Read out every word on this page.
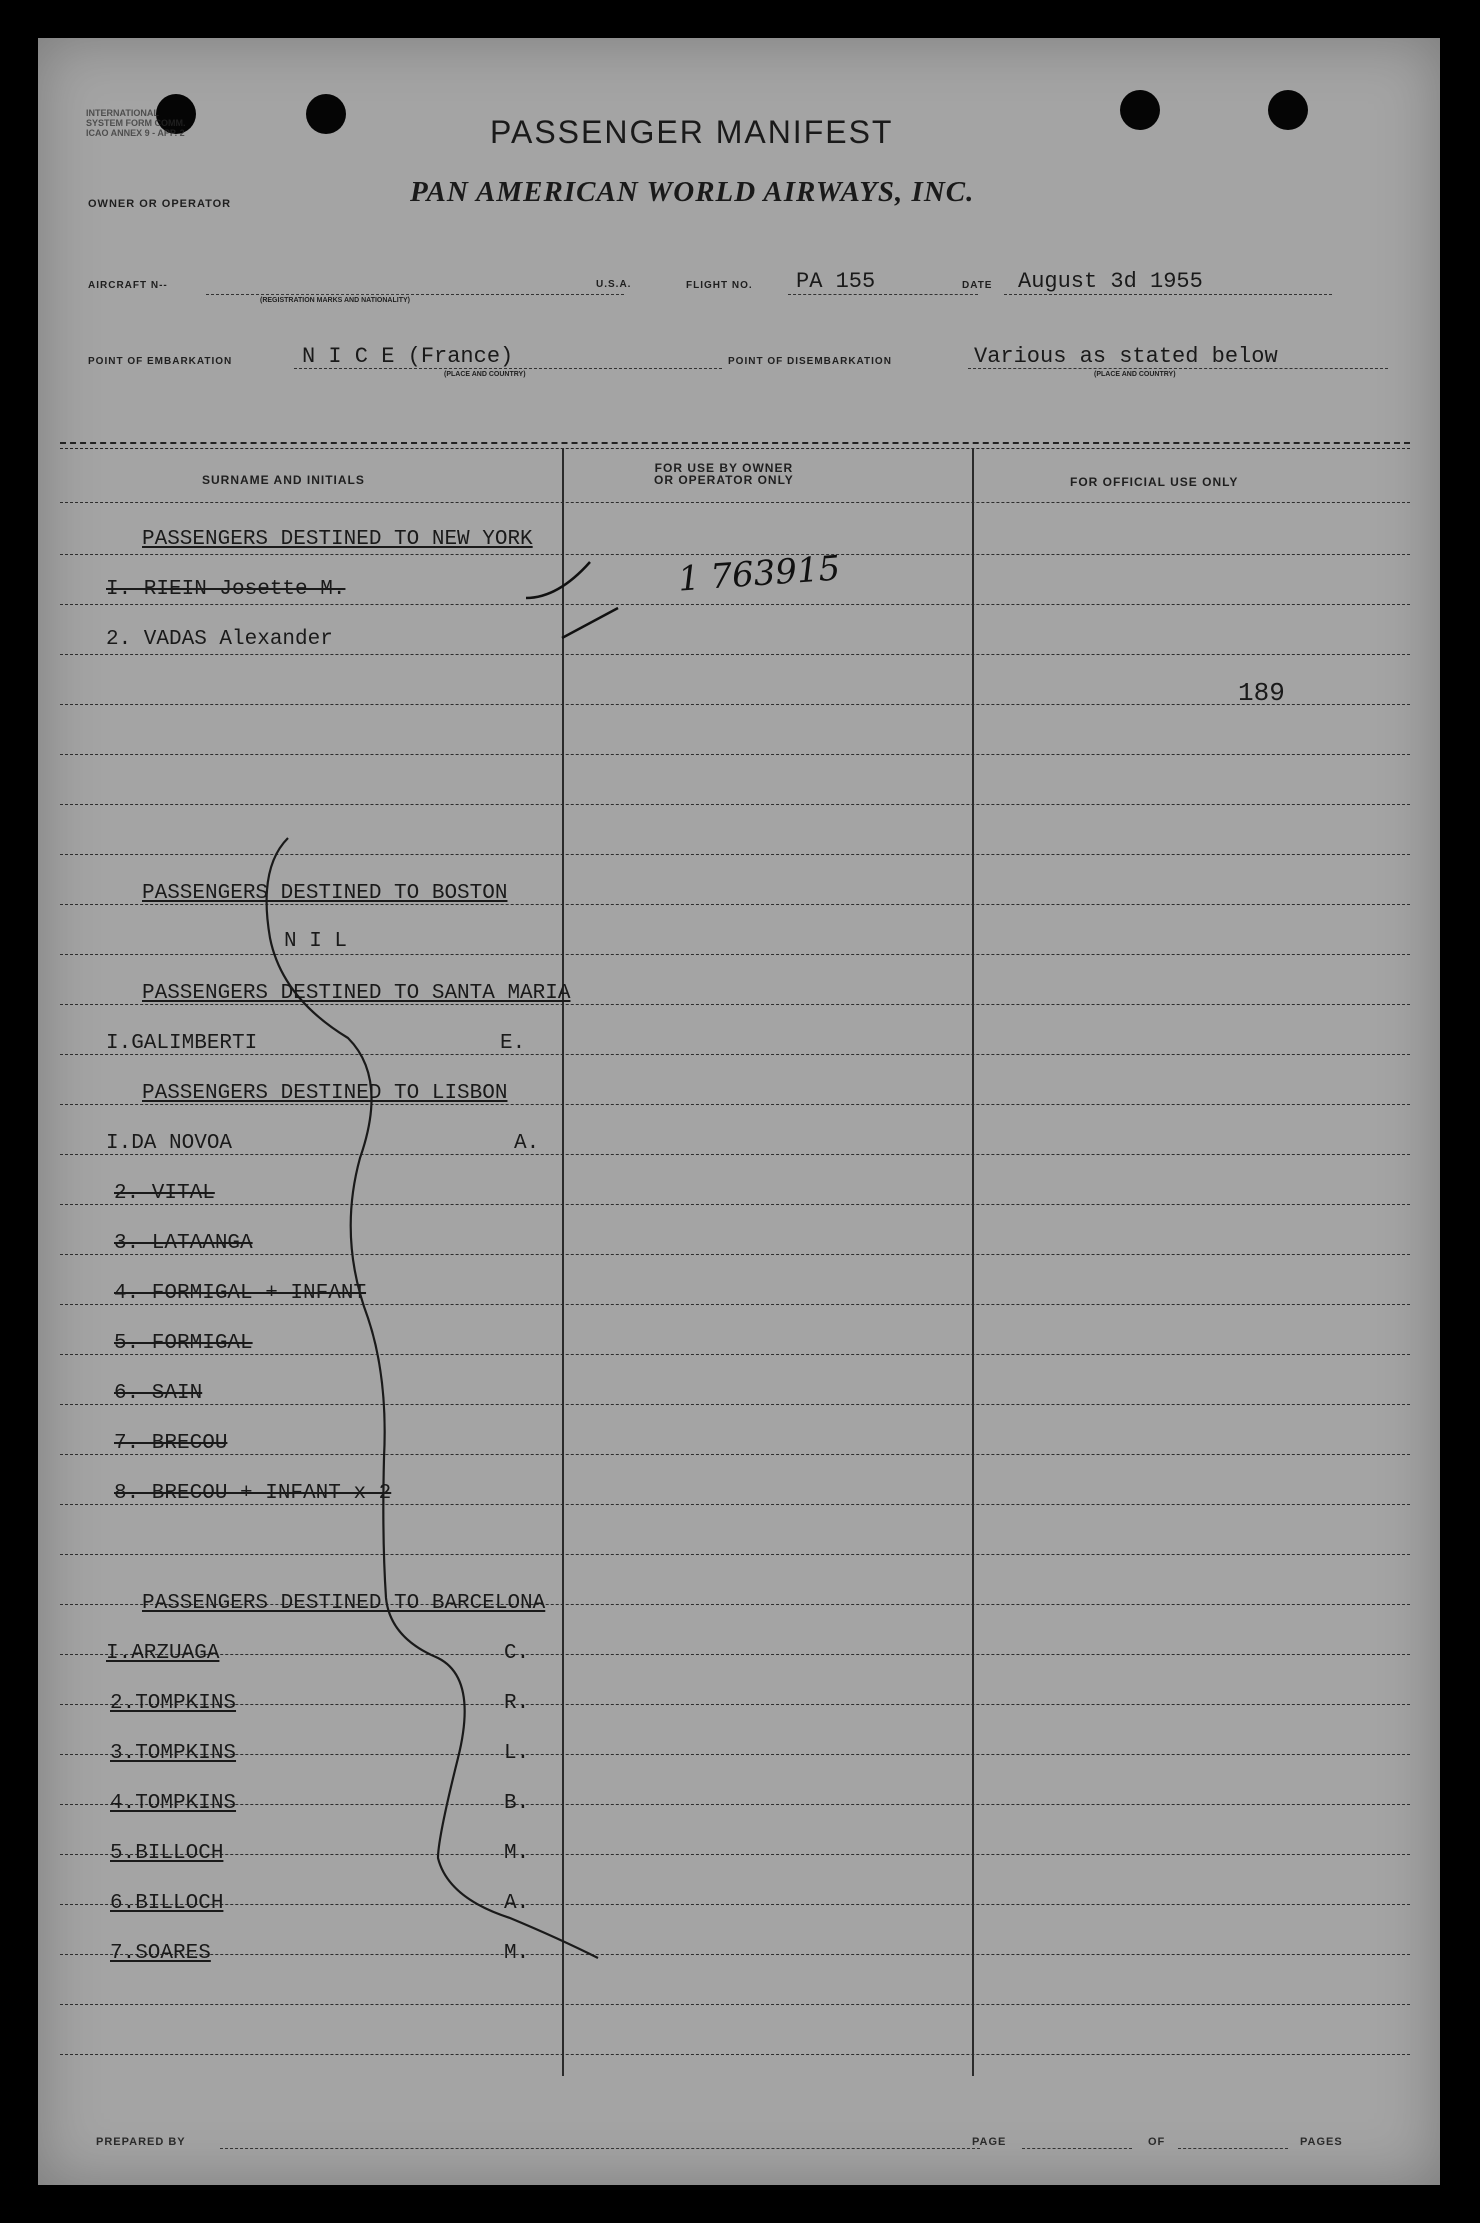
INTERNATIONAL
SYSTEM FORM COMM.
ICAO ANNEX 9 - APP. 2	PASSENGER MANIFEST
PAN AMERICAN WORLD AIRWAYS, INC.
OWNER OR OPERATOR
AIRCRAFT N--
(REGISTRATION MARKS AND NATIONALITY)
U.S.A.	FLIGHT NO. PA 155	DATE August 3d 1955
POINT OF EMBARKATION	N I C E (France)
(PLACE AND COUNTRY)
POINT OF DISEMBARKATION	Various as stated below
(PLACE AND COUNTRY)
SURNAME AND INITIALS
FOR USE BY OWNER
OR OPERATOR ONLY	FOR OFFICIAL USE ONLY
PASSENGERS DESTINED TO NEW YORK
I. RIEIN Josette M.
2. VADAS Alexander
1 763915
189
PASSENGERS DESTINED TO BOSTON
N I L
PASSENGERS DESTINED TO SANTA MARIA
I.GALIMBERTI	E.
PASSENGERS DESTINED TO LISBON
I.DA NOVOA	A.
2. VITAL
3. LATAANGA
4. FORMIGAL + INFANT
5. FORMIGAL
6. SAIN
7. BRECOU
8. BRECOU + INFANT x 2
PASSENGERS DESTINED TO BARCELONA
I.ARZUAGA	C.
2.TOMPKINS	R.
3.TOMPKINS	L.
4.TOMPKINS	B.
5.BILLOCH	M.
6.BILLOCH	A.
7.SOARES	M.
PREPARED BY	PAGE	OF	PAGES
